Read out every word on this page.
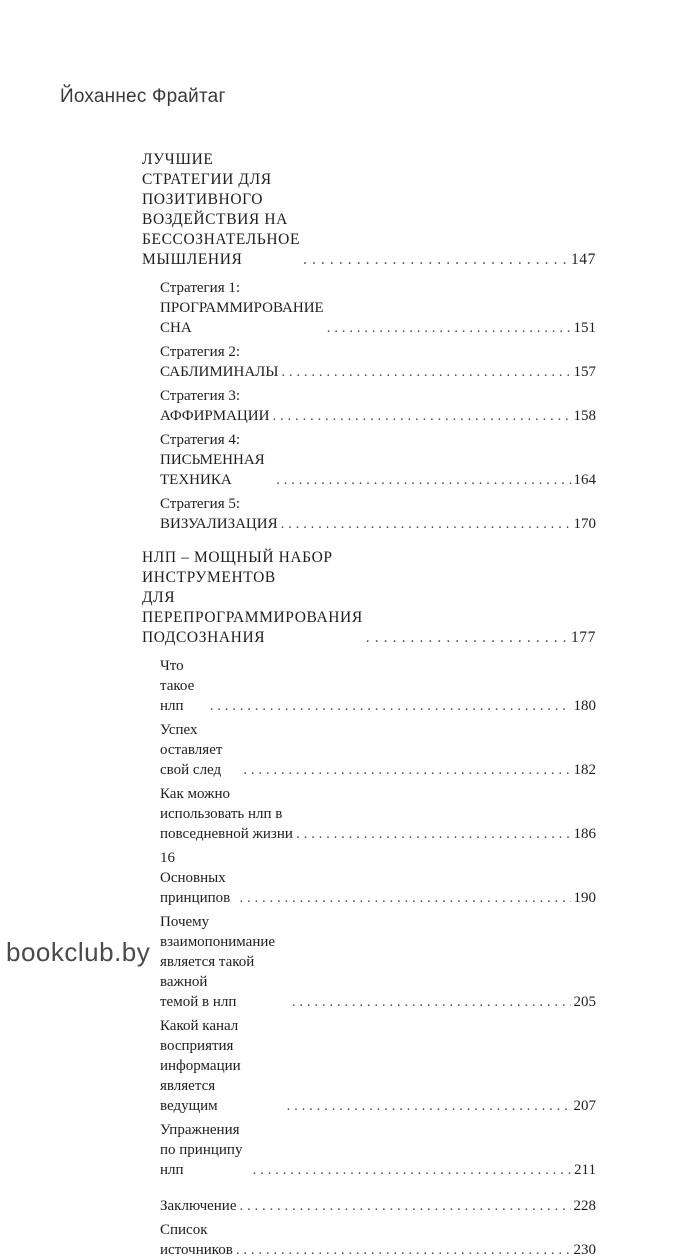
Йоханнес Фрайтаг
ЛУЧШИЕ СТРАТЕГИИ ДЛЯ ПОЗИТИВНОГО
ВОЗДЕЙСТВИЯ НА БЕССОЗНАТЕЛЬНОЕ
МЫШЛЕНИЯ . . .	147
Стратегия 1: ПРОГРАММИРОВАНИЕ СНА . . .	151
Стратегия 2: САБЛИМИНАЛЫ . . .	157
Стратегия 3: АФФИРМАЦИИ . . .	158
Стратегия 4: ПИСЬМЕННАЯ ТЕХНИКА . . .	164
Стратегия 5: ВИЗУАЛИЗАЦИЯ . . .	170
НЛП – МОЩНЫЙ НАБОР ИНСТРУМЕНТОВ
ДЛЯ ПЕРЕПРОГРАММИРОВАНИЯ ПОДСОЗНАНИЯ . . .	177
Что такое нлп . . .	180
Успех оставляет свой след . . .	182
Как можно использовать нлп в повседневной жизни . . .	186
16 Основных принципов . . .	190
Почему взаимопонимание является такой важной
темой в нлп . . .	205
Какой канал восприятия информации является
ведущим . . .	207
Упражнения по принципу нлп . . .	211
Заключение . . .	228
Список источников . . .	230
bookclub.by
